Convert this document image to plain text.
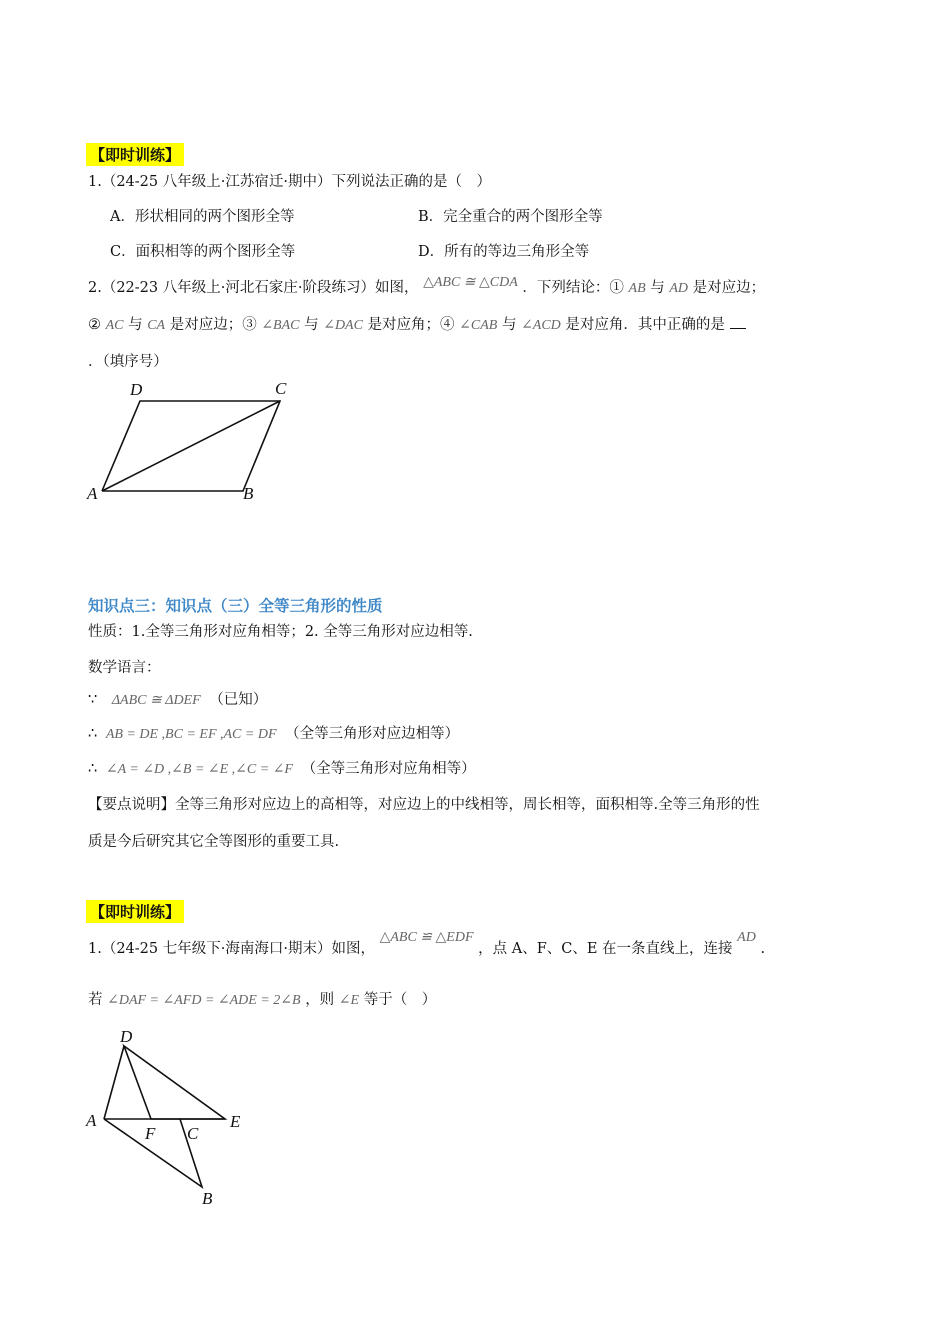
【即时训练】
1.（24-25 八年级上·江苏宿迁·期中）下列说法正确的是（　）
A．形状相同的两个图形全等	B．完全重合的两个图形全等
C．面积相等的两个图形全等	D．所有的等边三角形全等
2.（22-23 八年级上·河北石家庄·阶段练习）如图， △ABC ≅ △CDA ．下列结论：① AB 与 AD 是对应边；
② AC 与 CA 是对应边；③ ∠BAC 与 ∠DAC 是对应角；④ ∠CAB 与 ∠ACD 是对应角．其中正确的是
．（填序号）
D	C
A	B
知识点三：知识点（三）全等三角形的性质
性质：1.全等三角形对应角相等；2. 全等三角形对应边相等.
数学语言：
∵ ΔABC ≅ ΔDEF （已知）
∴ AB = DE ,BC = EF ,AC = DF （全等三角形对应边相等）
∴ ∠A = ∠D ,∠B = ∠E ,∠C = ∠F （全等三角形对应角相等）
【要点说明】全等三角形对应边上的高相等，对应边上的中线相等，周长相等，面积相等.全等三角形的性
质是今后研究其它全等图形的重要工具.
【即时训练】
1.（24-25 七年级下·海南海口·期末）如图， △ABC ≌ △EDF ，点 A、F、C、E 在一条直线上，连接 AD .
若 ∠DAF = ∠AFD = ∠ADE = 2∠B ，则 ∠E 等于（　）
D
A
F C
E
B
